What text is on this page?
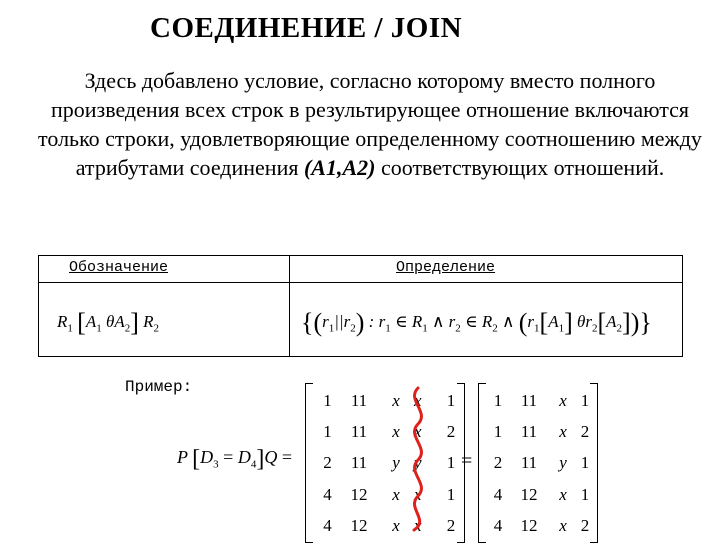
СОЕДИНЕНИЕ / JOIN
Здесь добавлено условие, согласно которому вместо полного произведения всех строк в результирующее отношение включаются только строки, удовлетворяющие определенному соотношению между атрибутами соединения (A1,A2) соответствующих отношений.
Обозначение	Определение
$R_1$ [$A_1$ $\theta A_2$] $R_2$	{$(r_1||r_2)$ : $r_1$ ∈ $R_1$ ∧ $r_2$ ∈ $R_2$ ∧ ($r_1[A_1]$ $\theta r_2[A_2]$)}
Пример:
P $[D_3 = D_4]Q$ =
1	11	x	x	1
1	11	x	x	2
2	11	y	y	1
4	12	x	x	1
4	12	x	x	2
=
1	11	x	1
1	11	x	2
2	11	y	1
4	12	x	1
4	12	x	2
